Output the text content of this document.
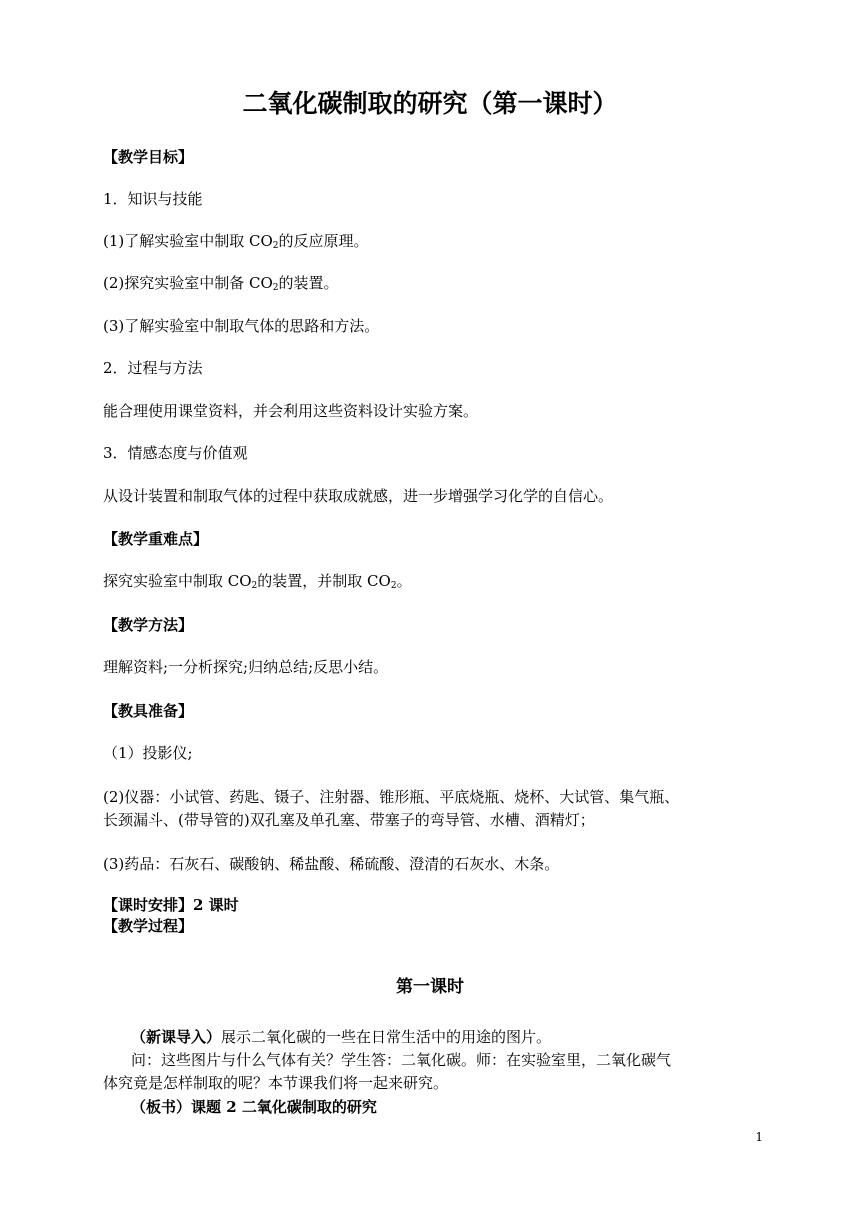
二氧化碳制取的研究（第一课时）
【教学目标】
1．知识与技能
(1)了解实验室中制取 $CO_2$的反应原理。
(2)探究实验室中制备 $CO_2$的装置。
(3)了解实验室中制取气体的思路和方法。
2．过程与方法
能合理使用课堂资料，并会利用这些资料设计实验方案。
3．情感态度与价值观
从设计装置和制取气体的过程中获取成就感，进一步增强学习化学的自信心。
【教学重难点】
探究实验室中制取 $CO_2$的装置，并制取 $CO_2$。
【教学方法】
理解资料;一分析探究;归纳总结;反思小结。
【教具准备】
（1）投影仪;
(2)仪器：小试管、药匙、镊子、注射器、锥形瓶、平底烧瓶、烧杯、大试管、集气瓶、
长颈漏斗、(带导管的)双孔塞及单孔塞、带塞子的弯导管、水槽、酒精灯；
(3)药品：石灰石、碳酸钠、稀盐酸、稀硫酸、澄清的石灰水、木条。
【课时安排】2 课时
【教学过程】
第一课时
（新课导入）展示二氧化碳的一些在日常生活中的用途的图片。
问：这些图片与什么气体有关？学生答：二氧化碳。师：在实验室里，二氧化碳气
体究竟是怎样制取的呢？本节课我们将一起来研究。
（板书）课题 2 二氧化碳制取的研究
1
